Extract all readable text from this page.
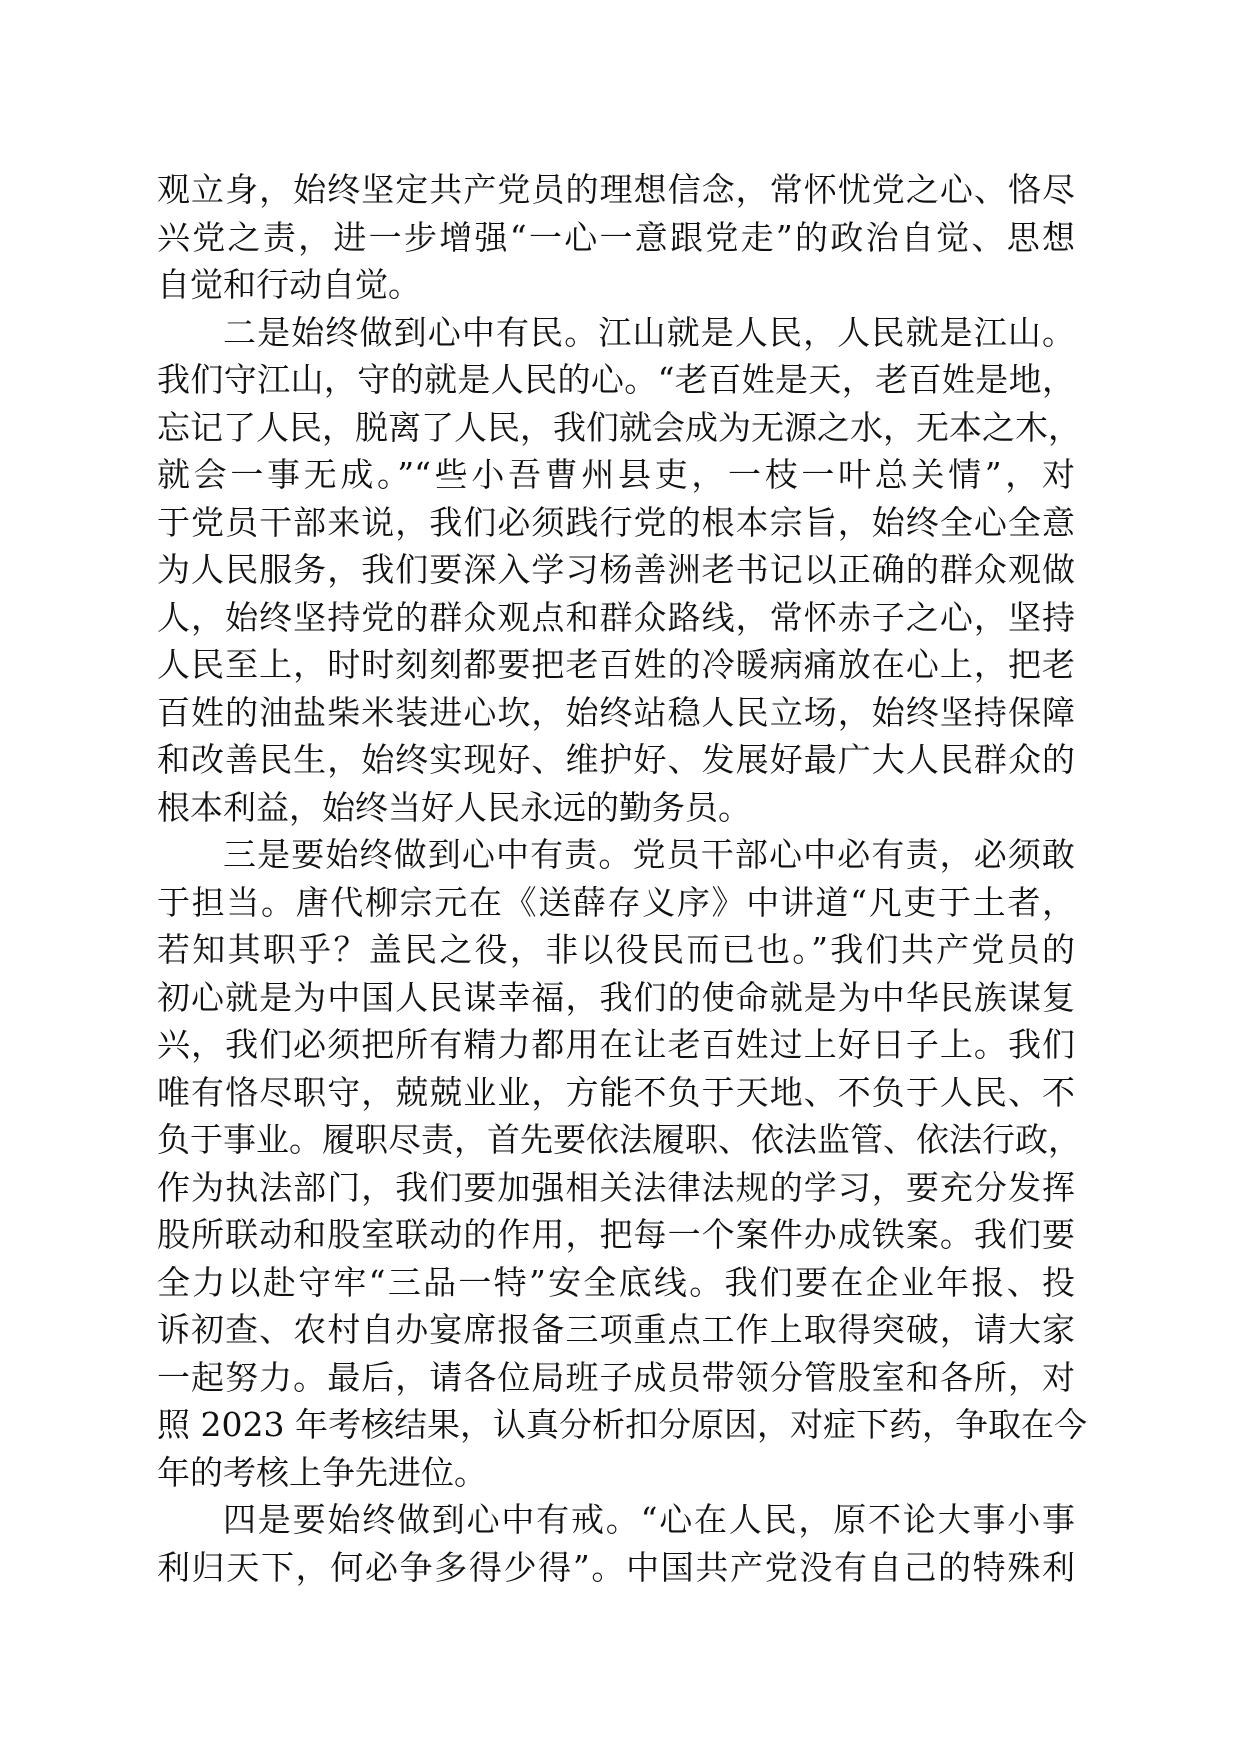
观立身，始终坚定共产党员的理想信念，常怀忧党之心、恪尽
兴党之责，进一步增强“一心一意跟党走”的政治自觉、思想
自觉和行动自觉。
二是始终做到心中有民。江山就是人民，人民就是江山。
我们守江山，守的就是人民的心。“老百姓是天，老百姓是地，
忘记了人民，脱离了人民，我们就会成为无源之水，无本之木，
就会一事无成。”“些小吾曹州县吏，一枝一叶总关情”，对
于党员干部来说，我们必须践行党的根本宗旨，始终全心全意
为人民服务，我们要深入学习杨善洲老书记以正确的群众观做
人，始终坚持党的群众观点和群众路线，常怀赤子之心，坚持
人民至上，时时刻刻都要把老百姓的冷暖病痛放在心上，把老
百姓的油盐柴米装进心坎，始终站稳人民立场，始终坚持保障
和改善民生，始终实现好、维护好、发展好最广大人民群众的
根本利益，始终当好人民永远的勤务员。
三是要始终做到心中有责。党员干部心中必有责，必须敢
于担当。唐代柳宗元在《送薛存义序》中讲道“凡吏于土者，
若知其职乎？盖民之役，非以役民而已也。”我们共产党员的
初心就是为中国人民谋幸福，我们的使命就是为中华民族谋复
兴，我们必须把所有精力都用在让老百姓过上好日子上。我们
唯有恪尽职守，兢兢业业，方能不负于天地、不负于人民、不
负于事业。履职尽责，首先要依法履职、依法监管、依法行政，
作为执法部门，我们要加强相关法律法规的学习，要充分发挥
股所联动和股室联动的作用，把每一个案件办成铁案。我们要
全力以赴守牢“三品一特”安全底线。我们要在企业年报、投
诉初查、农村自办宴席报备三项重点工作上取得突破，请大家
一起努力。最后，请各位局班子成员带领分管股室和各所，对
照 2023 年考核结果，认真分析扣分原因，对症下药，争取在今
年的考核上争先进位。
四是要始终做到心中有戒。“心在人民，原不论大事小事
利归天下，何必争多得少得”。中国共产党没有自己的特殊利
